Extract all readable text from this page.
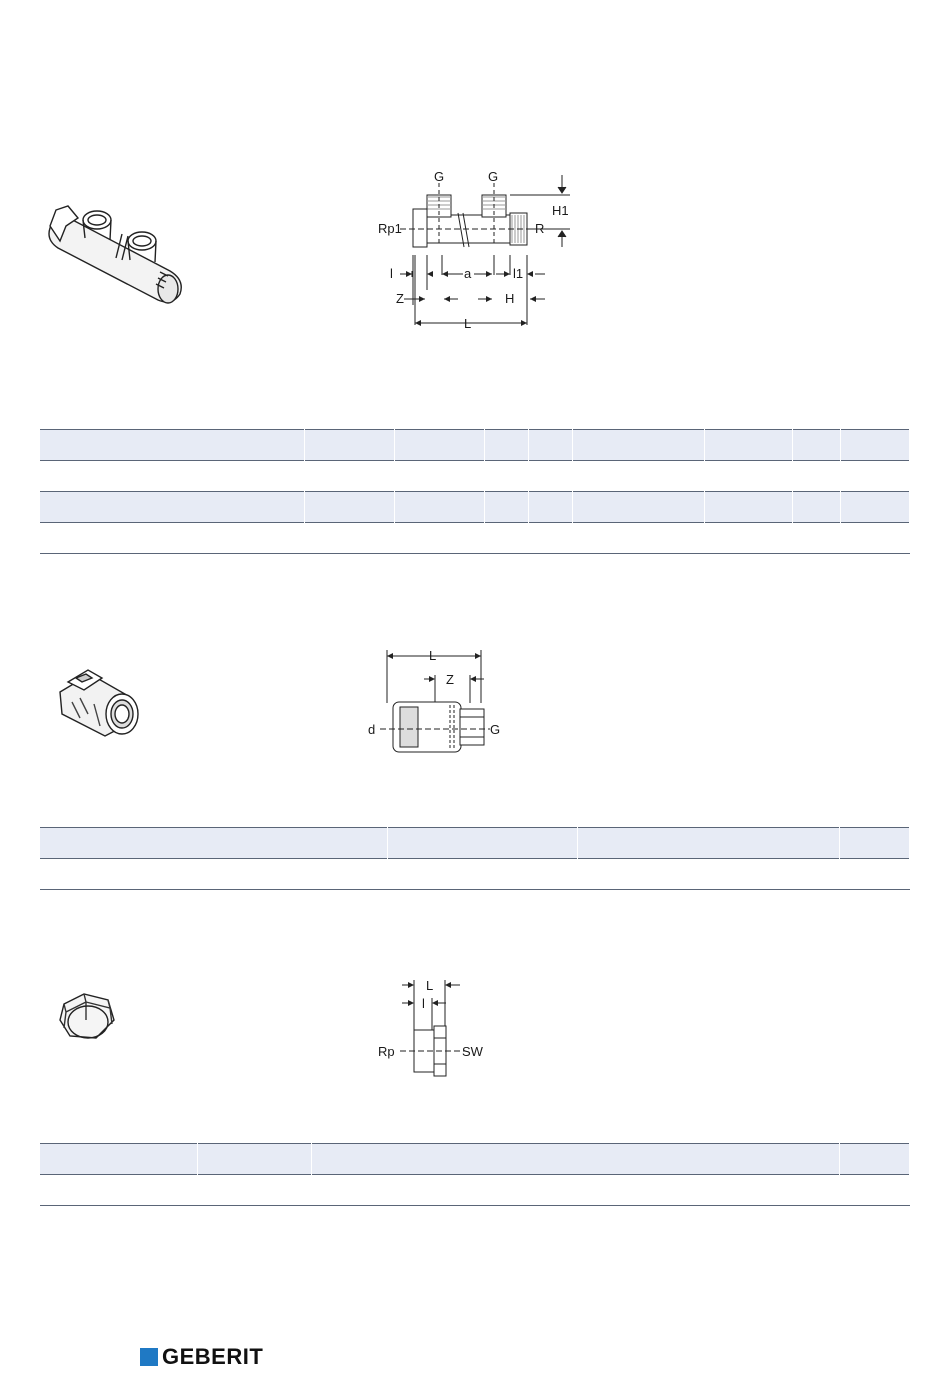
G	G
H1
Rp1	R
l	a	l1
Z	H
L

L
Z
d	G

L
l
Rp	SW

GEBERIT
